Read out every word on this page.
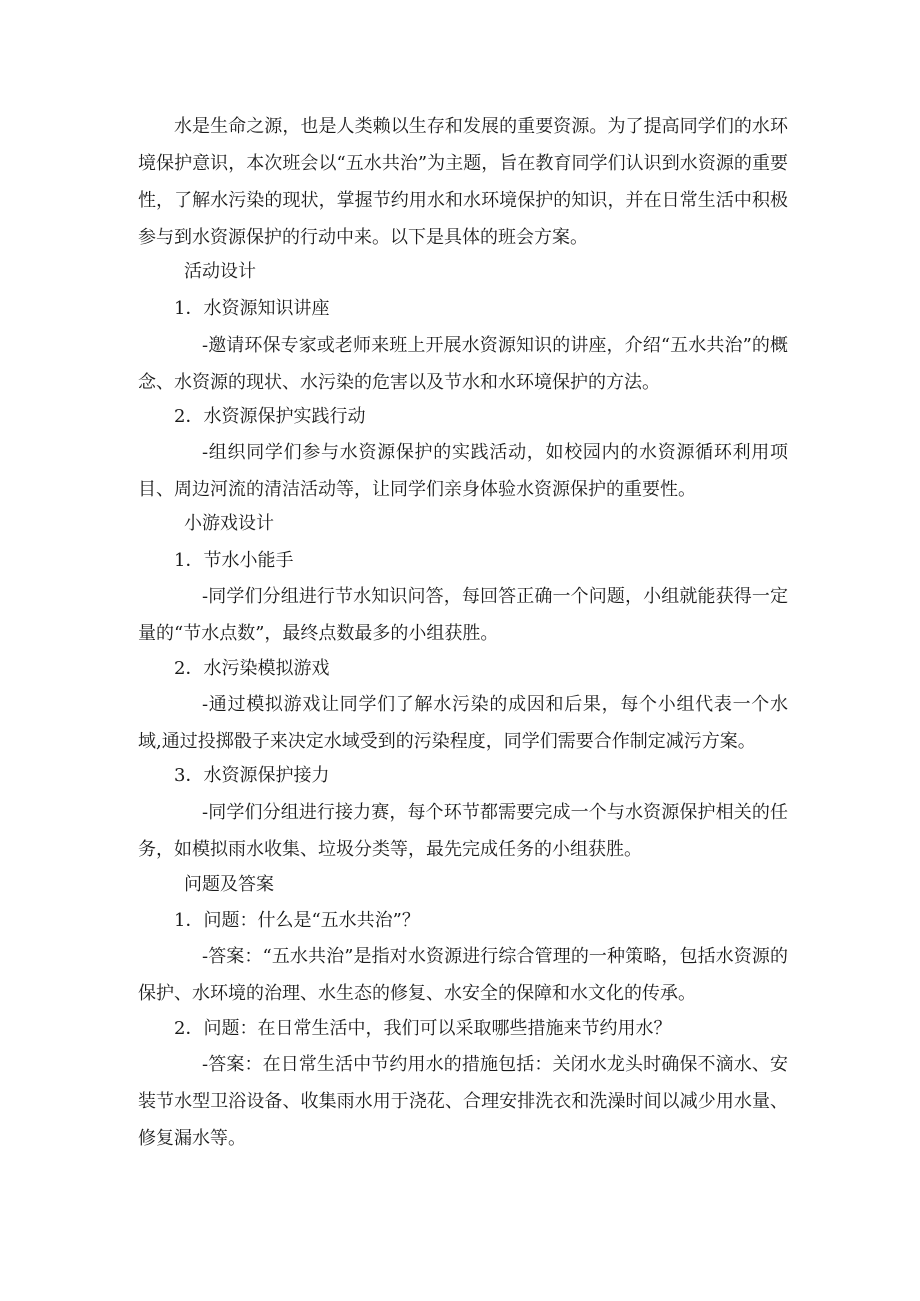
水是生命之源，也是人类赖以生存和发展的重要资源。为了提高同学们的水环境保护意识，本次班会以“五水共治”为主题，旨在教育同学们认识到水资源的重要性，了解水污染的现状，掌握节约用水和水环境保护的知识，并在日常生活中积极参与到水资源保护的行动中来。以下是具体的班会方案。

活动设计

1．水资源知识讲座

-邀请环保专家或老师来班上开展水资源知识的讲座，介绍“五水共治”的概念、水资源的现状、水污染的危害以及节水和水环境保护的方法。

2．水资源保护实践行动

-组织同学们参与水资源保护的实践活动，如校园内的水资源循环利用项目、周边河流的清洁活动等，让同学们亲身体验水资源保护的重要性。

小游戏设计

1．节水小能手

-同学们分组进行节水知识问答，每回答正确一个问题，小组就能获得一定量的“节水点数”，最终点数最多的小组获胜。

2．水污染模拟游戏

-通过模拟游戏让同学们了解水污染的成因和后果，每个小组代表一个水域,通过投掷骰子来决定水域受到的污染程度，同学们需要合作制定减污方案。

3．水资源保护接力

-同学们分组进行接力赛，每个环节都需要完成一个与水资源保护相关的任务，如模拟雨水收集、垃圾分类等，最先完成任务的小组获胜。

问题及答案

1．问题：什么是“五水共治”？

-答案：“五水共治”是指对水资源进行综合管理的一种策略，包括水资源的保护、水环境的治理、水生态的修复、水安全的保障和水文化的传承。

2．问题：在日常生活中，我们可以采取哪些措施来节约用水？

-答案：在日常生活中节约用水的措施包括：关闭水龙头时确保不滴水、安装节水型卫浴设备、收集雨水用于浇花、合理安排洗衣和洗澡时间以减少用水量、修复漏水等。
